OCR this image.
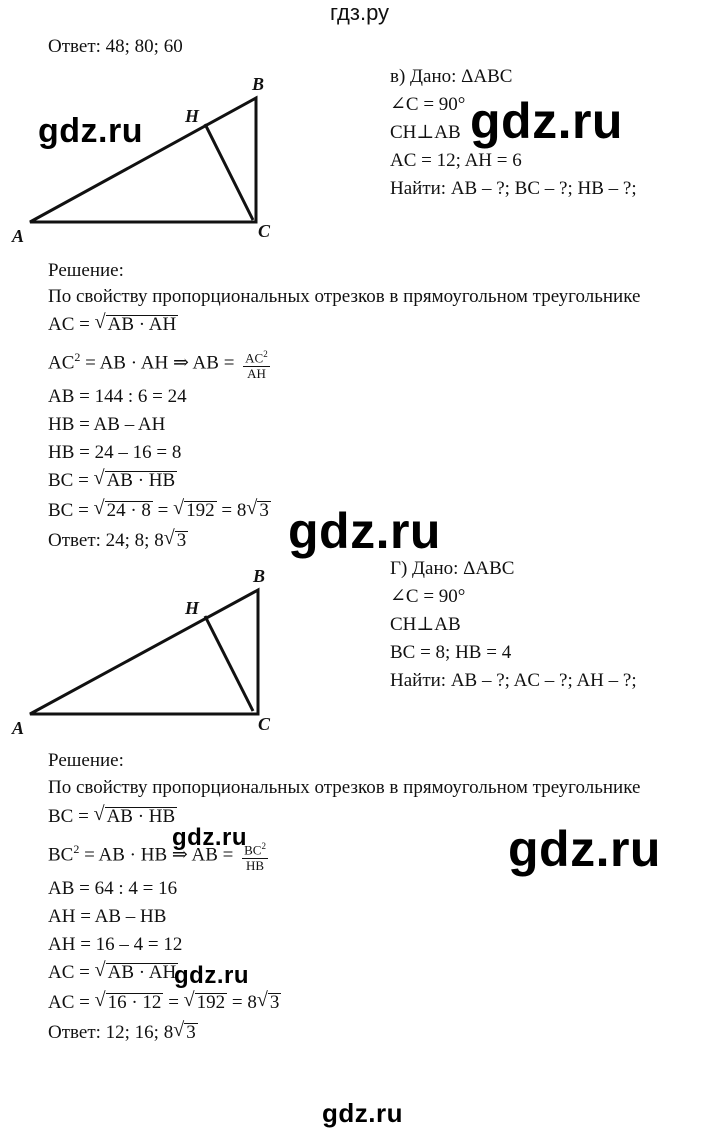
гдз.ру
Ответ: 48; 80; 60
B
H
A	C
в) Дано: ΔABC
∠C = 90°
CH⊥AB
AC = 12; AH = 6
Найти: AB – ?; BC – ?; HB – ?;
Решение:
По свойству пропорциональных отрезков в прямоугольном треугольнике
AC = √ AB · AH
$AC^2$ = AB · AH ⇒ AB = $\frac{AC^2}{AH}$
AB = 144 : 6 = 24
HB = AB – AH
HB = 24 – 16 = 8
BC = √ AB · HB
BC = √ 24 · 8 = √ 192 = 8 √ 3
Ответ: 24; 8; 8 √ 3
B
H
A	C
Г) Дано: ΔABC
∠C = 90°
CH⊥AB
BC = 8; HB = 4
Найти: AB – ?; AC – ?; AH – ?;
Решение:
По свойству пропорциональных отрезков в прямоугольном треугольнике
BC = √ AB · HB
$BC^2$ = AB · HB ⇒ AB = $\frac{BC^2}{HB}$
AB = 64 : 4 = 16
AH = AB – HB
AH = 16 – 4 = 12
AC = √ AB · AH
AC = √ 16 · 12 = √ 192 = 8 √ 3
Ответ: 12; 16; 8 √ 3
gdz.ru	gdz.ru
gdz.ru
gdz.ru	gdz.ru
gdz.ru
gdz.ru
